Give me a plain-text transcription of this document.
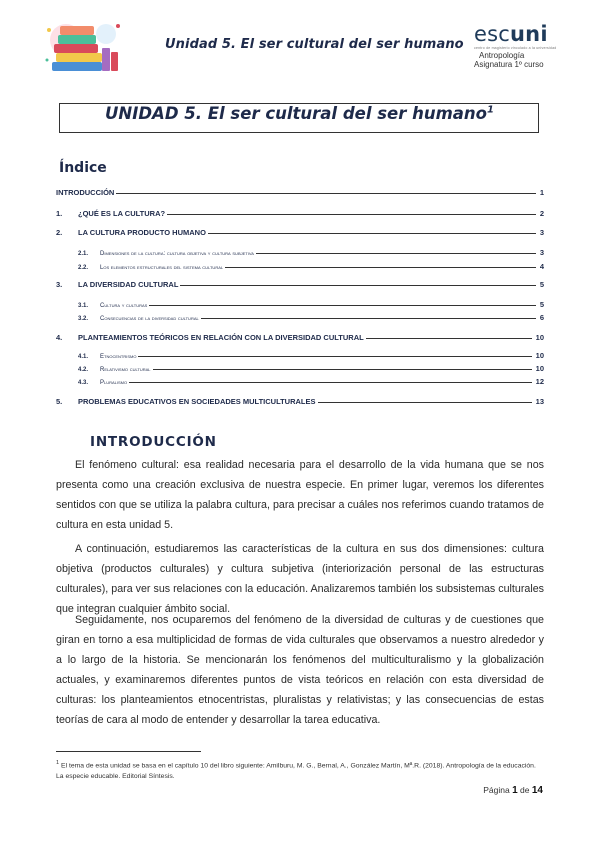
Unidad 5. El ser cultural del ser humano escuni
centro de magisterio vinculado a la universidad
Antropología
Asignatura 1º curso
UNIDAD 5. El ser cultural del ser humano$^1$
Índice
INTRODUCCIÓN	1
1.	¿QUÉ ES LA CULTURA?	2
2.	LA CULTURA PRODUCTO HUMANO	3
2.1.	Dimensiones de la cultura: cultura objetiva y cultura subjetiva	3
2.2.	Los elementos estructurales del sistema cultural	4
3.	LA DIVERSIDAD CULTURAL	5
3.1.	Cultura y culturas	5
3.2.	Consecuencias de la diversidad cultural	6
4.	PLANTEAMIENTOS TEÓRICOS EN RELACIÓN CON LA DIVERSIDAD CULTURAL	10
4.1.	Etnocentrismo	10
4.2.	Relativismo cultural	10
4.3.	Pluralismo	12
5.	PROBLEMAS EDUCATIVOS EN SOCIEDADES MULTICULTURALES	13
INTRODUCCIÓN

El fenómeno cultural: esa realidad necesaria para el desarrollo de la vida humana que se nos presenta como una creación exclusiva de nuestra especie. En primer lugar, veremos los diferentes sentidos con que se utiliza la palabra cultura, para precisar a cuáles nos referimos cuando tratamos de cultura en esta unidad 5.

A continuación, estudiaremos las características de la cultura en sus dos dimensiones: cultura objetiva (productos culturales) y cultura subjetiva (interiorización personal de las estructuras culturales), para ver sus relaciones con la educación. Analizaremos también los subsistemas culturales que integran cualquier ámbito social.

Seguidamente, nos ocuparemos del fenómeno de la diversidad de culturas y de cuestiones que giran en torno a esa multiplicidad de formas de vida culturales que observamos a nuestro alrededor y a lo largo de la historia. Se mencionarán los fenómenos del multiculturalismo y la globalización actuales, y examinaremos diferentes puntos de vista teóricos en relación con esta diversidad de culturas: los planteamientos etnocentristas, pluralistas y relativistas; y las consecuencias de estas teorías de cara al modo de entender y desarrollar la tarea educativa.

$^1$ El tema de esta unidad se basa en el capítulo 10 del libro siguiente: Amilburu, M. G., Bernal, A., González Martín, Mª.R. (2018). Antropología de la educación. La especie educable. Editorial Síntesis.
Página 1 de 14
